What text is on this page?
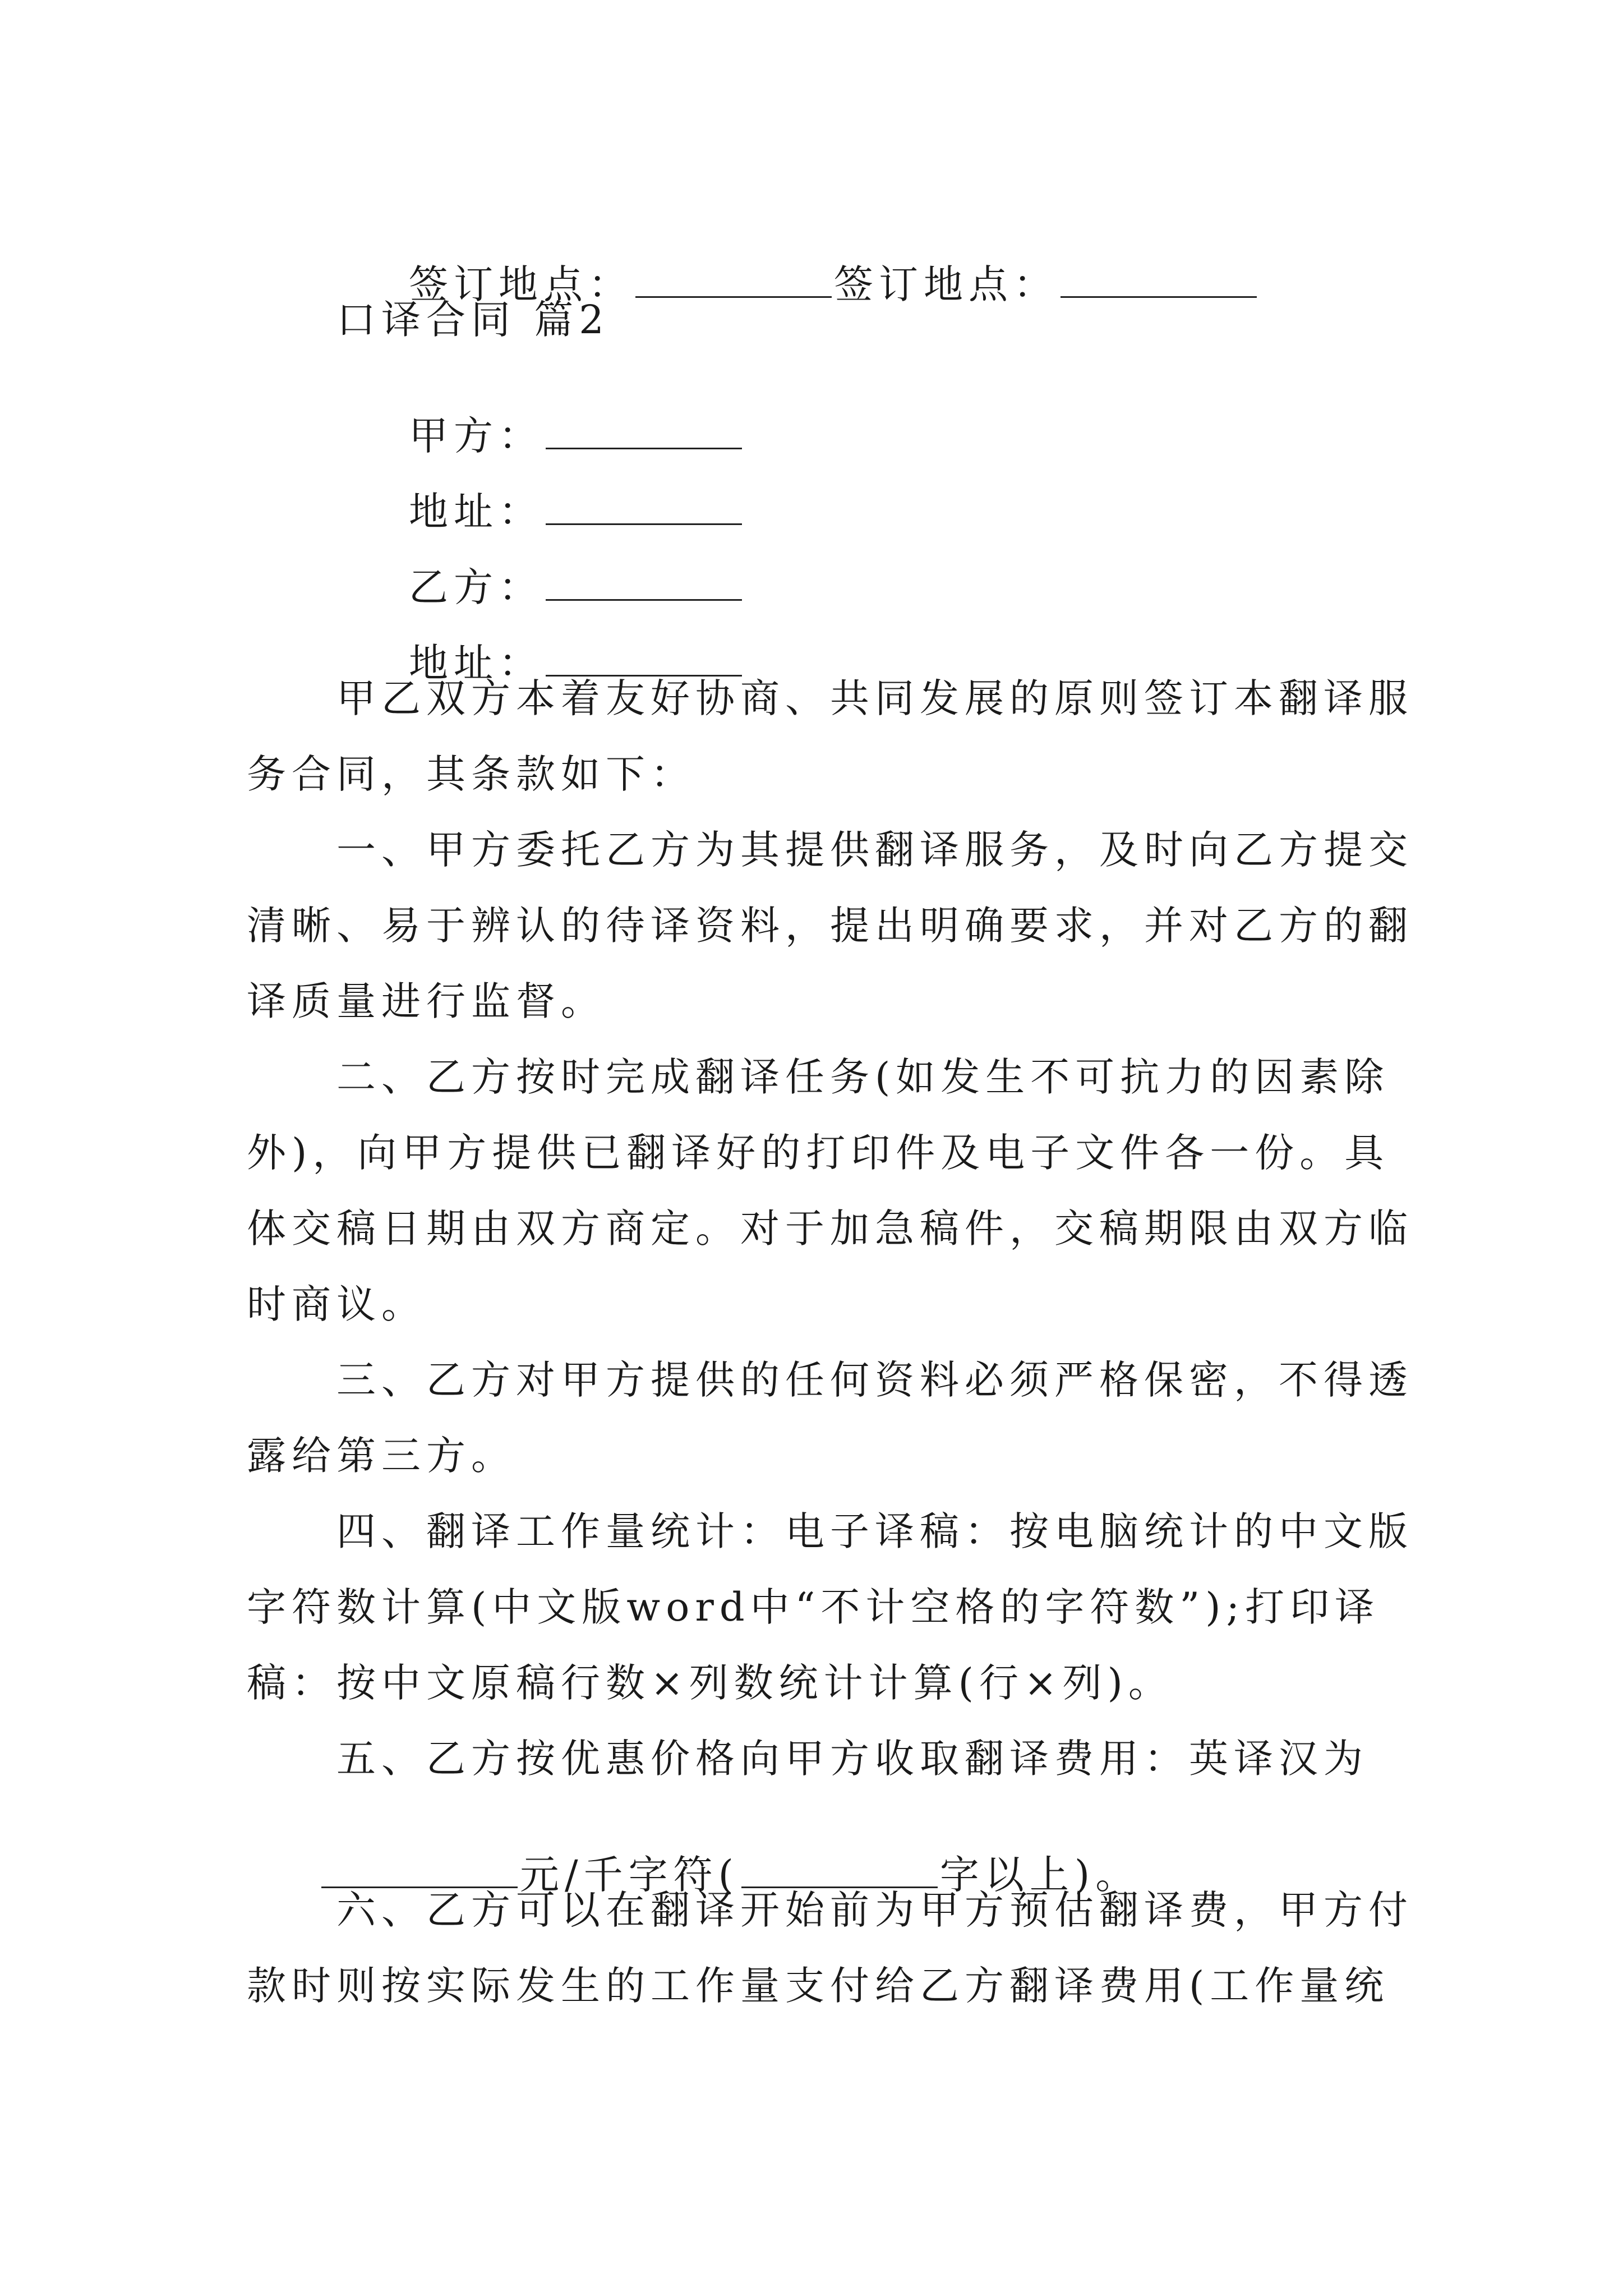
签订地点：	签订地点：

口译合同 篇2

甲方：

地址：

乙方：

地址：

甲乙双方本着友好协商、共同发展的原则签订本翻译服
务合同，其条款如下：
一、甲方委托乙方为其提供翻译服务，及时向乙方提交
清晰、易于辨认的待译资料，提出明确要求，并对乙方的翻
译质量进行监督。
二、乙方按时完成翻译任务(如发生不可抗力的因素除
外)，向甲方提供已翻译好的打印件及电子文件各一份。具
体交稿日期由双方商定。对于加急稿件，交稿期限由双方临
时商议。
三、乙方对甲方提供的任何资料必须严格保密，不得透
露给第三方。
四、翻译工作量统计：电子译稿：按电脑统计的中文版
字符数计算(中文版word中“不计空格的字符数”);打印译
稿：按中文原稿行数×列数统计计算(行×列)。
五、乙方按优惠价格向甲方收取翻译费用：英译汉为

元/千字符(	字以上)。

六、乙方可以在翻译开始前为甲方预估翻译费，甲方付
款时则按实际发生的工作量支付给乙方翻译费用(工作量统
